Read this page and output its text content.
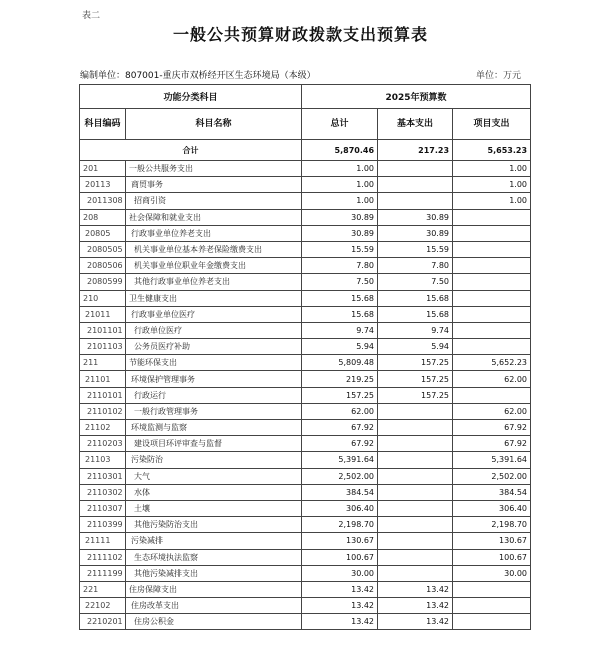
表二
一般公共预算财政拨款支出预算表
编制单位：807001-重庆市双桥经开区生态环境局（本级）	单位：万元
功能分类科目		2025年预算数		
科目编码	科目名称	总计	基本支出	项目支出
合计		5,870.46	217.23	5,653.23
201	一般公共服务支出	1.00		1.00
20113	商贸事务	1.00		1.00
2011308	招商引资	1.00		1.00
208	社会保障和就业支出	30.89	30.89	
20805	行政事业单位养老支出	30.89	30.89	
2080505	机关事业单位基本养老保险缴费支出	15.59	15.59	
2080506	机关事业单位职业年金缴费支出	7.80	7.80	
2080599	其他行政事业单位养老支出	7.50	7.50	
210	卫生健康支出	15.68	15.68	
21011	行政事业单位医疗	15.68	15.68	
2101101	行政单位医疗	9.74	9.74	
2101103	公务员医疗补助	5.94	5.94	
211	节能环保支出	5,809.48	157.25	5,652.23
21101	环境保护管理事务	219.25	157.25	62.00
2110101	行政运行	157.25	157.25	
2110102	一般行政管理事务	62.00		62.00
21102	环境监测与监察	67.92		67.92
2110203	建设项目环评审查与监督	67.92		67.92
21103	污染防治	5,391.64		5,391.64
2110301	大气	2,502.00		2,502.00
2110302	水体	384.54		384.54
2110307	土壤	306.40		306.40
2110399	其他污染防治支出	2,198.70		2,198.70
21111	污染减排	130.67		130.67
2111102	生态环境执法监察	100.67		100.67
2111199	其他污染减排支出	30.00		30.00
221	住房保障支出	13.42	13.42	
22102	住房改革支出	13.42	13.42	
2210201	住房公积金	13.42	13.42	
